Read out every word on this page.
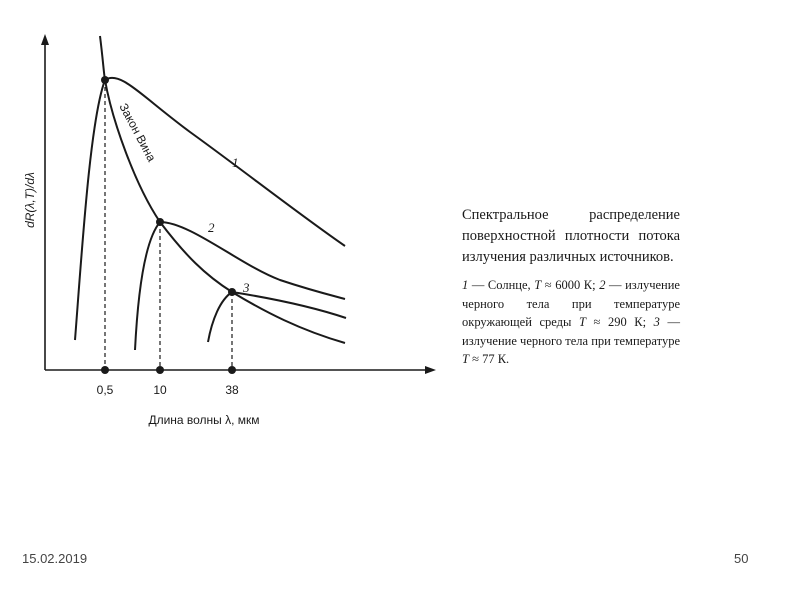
dR(λ,T)/dλ
Длина волны λ, мкм
1
2
3
0,5	10	38
Закон Вина

Спектральное распределение поверхностной плотности потока излучения различных источников.

1 — Солнце, T ≈ 6000 К; 2 — излучение черного тела при температуре окружающей среды T ≈ 290 К; 3 — излучение черного тела при температуре T ≈ 77 К.

15.02.2019	50
